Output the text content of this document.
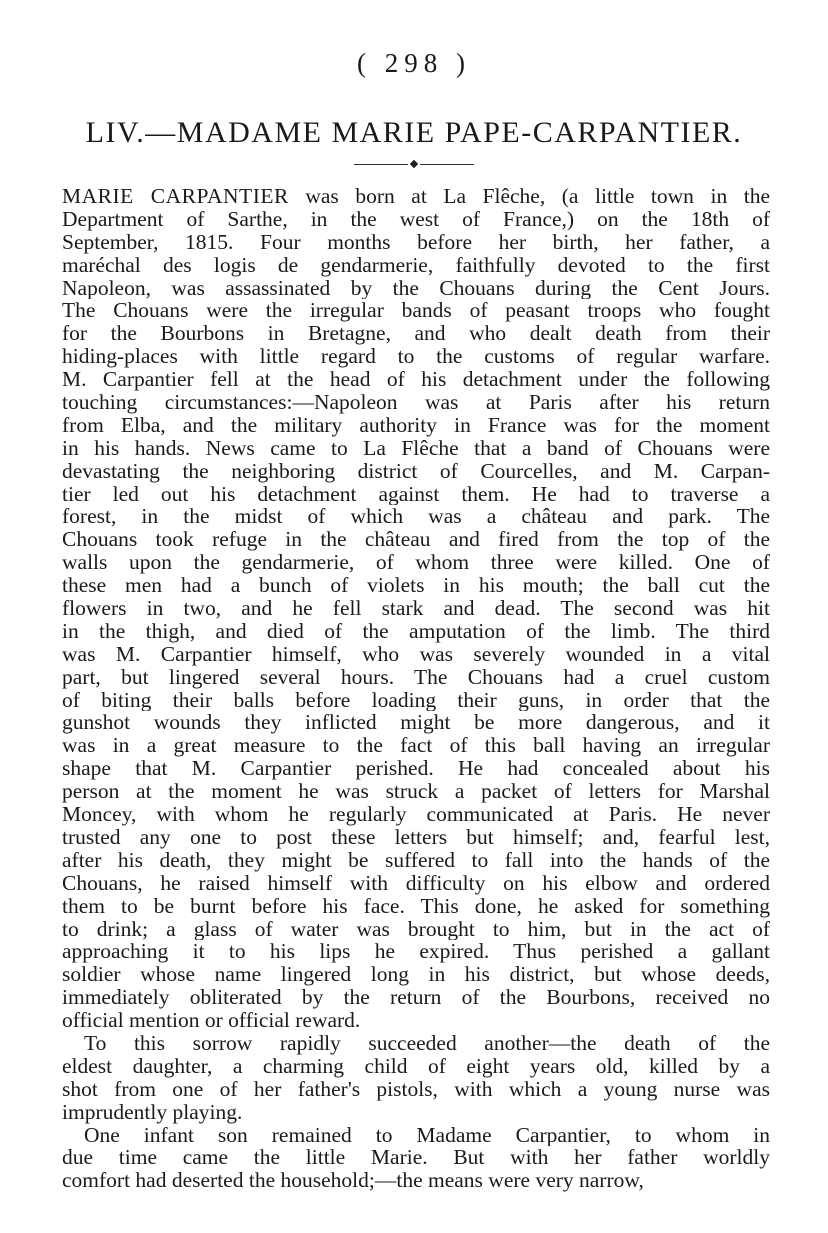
( 298 )
LIV.—MADAME MARIE PAPE-CARPANTIER.
MARIE CARPANTIER was born at La Flêche, (a little town in the
Department of Sarthe, in the west of France,) on the 18th of
September, 1815. Four months before her birth, her father, a
maréchal des logis de gendarmerie, faithfully devoted to the first
Napoleon, was assassinated by the Chouans during the Cent Jours.
The Chouans were the irregular bands of peasant troops who fought
for the Bourbons in Bretagne, and who dealt death from their
hiding-places with little regard to the customs of regular warfare.
M. Carpantier fell at the head of his detachment under the following
touching circumstances:—Napoleon was at Paris after his return
from Elba, and the military authority in France was for the moment
in his hands. News came to La Flêche that a band of Chouans were
devastating the neighboring district of Courcelles, and M. Carpan-
tier led out his detachment against them. He had to traverse a
forest, in the midst of which was a château and park. The
Chouans took refuge in the château and fired from the top of the
walls upon the gendarmerie, of whom three were killed. One of
these men had a bunch of violets in his mouth; the ball cut the
flowers in two, and he fell stark and dead. The second was hit
in the thigh, and died of the amputation of the limb. The third
was M. Carpantier himself, who was severely wounded in a vital
part, but lingered several hours. The Chouans had a cruel custom
of biting their balls before loading their guns, in order that the
gunshot wounds they inflicted might be more dangerous, and it
was in a great measure to the fact of this ball having an irregular
shape that M. Carpantier perished. He had concealed about his
person at the moment he was struck a packet of letters for Marshal
Moncey, with whom he regularly communicated at Paris. He never
trusted any one to post these letters but himself; and, fearful lest,
after his death, they might be suffered to fall into the hands of the
Chouans, he raised himself with difficulty on his elbow and ordered
them to be burnt before his face. This done, he asked for something
to drink; a glass of water was brought to him, but in the act of
approaching it to his lips he expired. Thus perished a gallant
soldier whose name lingered long in his district, but whose deeds,
immediately obliterated by the return of the Bourbons, received no
official mention or official reward.
To this sorrow rapidly succeeded another—the death of the
eldest daughter, a charming child of eight years old, killed by a
shot from one of her father's pistols, with which a young nurse was
imprudently playing.
One infant son remained to Madame Carpantier, to whom in
due time came the little Marie. But with her father worldly
comfort had deserted the household;—the means were very narrow,
